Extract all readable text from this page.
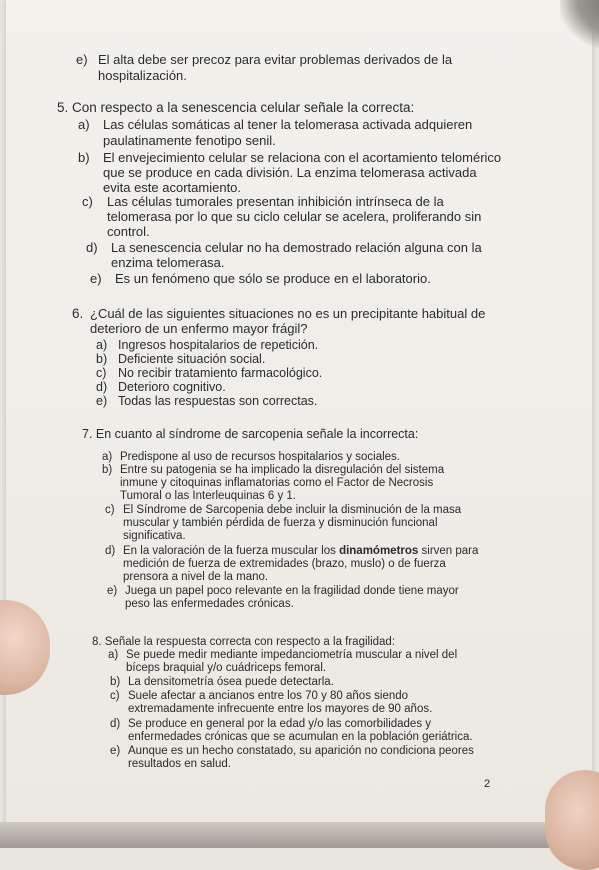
e) El alta debe ser precoz para evitar problemas derivados de la
hospitalización.
5. Con respecto a la senescencia celular señale la correcta:
a) Las células somáticas al tener la telomerasa activada adquieren
paulatinamente fenotipo senil.
b) El envejecimiento celular se relaciona con el acortamiento telomérico
que se produce en cada división. La enzima telomerasa activada
evita este acortamiento.
c) Las células tumorales presentan inhibición intrínseca de la
telomerasa por lo que su ciclo celular se acelera, proliferando sin
control.
d) La senescencia celular no ha demostrado relación alguna con la
enzima telomerasa.
e) Es un fenómeno que sólo se produce en el laboratorio.
6. ¿Cuál de las siguientes situaciones no es un precipitante habitual de
deterioro de un enfermo mayor frágil?
a) Ingresos hospitalarios de repetición.
b) Deficiente situación social.
c) No recibir tratamiento farmacológico.
d) Deterioro cognitivo.
e) Todas las respuestas son correctas.
7. En cuanto al síndrome de sarcopenia señale la incorrecta:
a) Predispone al uso de recursos hospitalarios y sociales.
b) Entre su patogenia se ha implicado la disregulación del sistema
inmune y citoquinas inflamatorias como el Factor de Necrosis
Tumoral o las Interleuquinas 6 y 1.
c) El Síndrome de Sarcopenia debe incluir la disminución de la masa
muscular y también pérdida de fuerza y disminución funcional
significativa.
d) En la valoración de la fuerza muscular los dinamómetros sirven para
medición de fuerza de extremidades (brazo, muslo) o de fuerza
prensora a nivel de la mano.
e) Juega un papel poco relevante en la fragilidad donde tiene mayor
peso las enfermedades crónicas.
8. Señale la respuesta correcta con respecto a la fragilidad:
a) Se puede medir mediante impedanciometría muscular a nivel del
bíceps braquial y/o cuádriceps femoral.
b) La densitometría ósea puede detectarla.
c) Suele afectar a ancianos entre los 70 y 80 años siendo
extremadamente infrecuente entre los mayores de 90 años.
d) Se produce en general por la edad y/o las comorbilidades y
enfermedades crónicas que se acumulan en la población geriátrica.
e) Aunque es un hecho constatado, su aparición no condiciona peores
resultados en salud.
2
